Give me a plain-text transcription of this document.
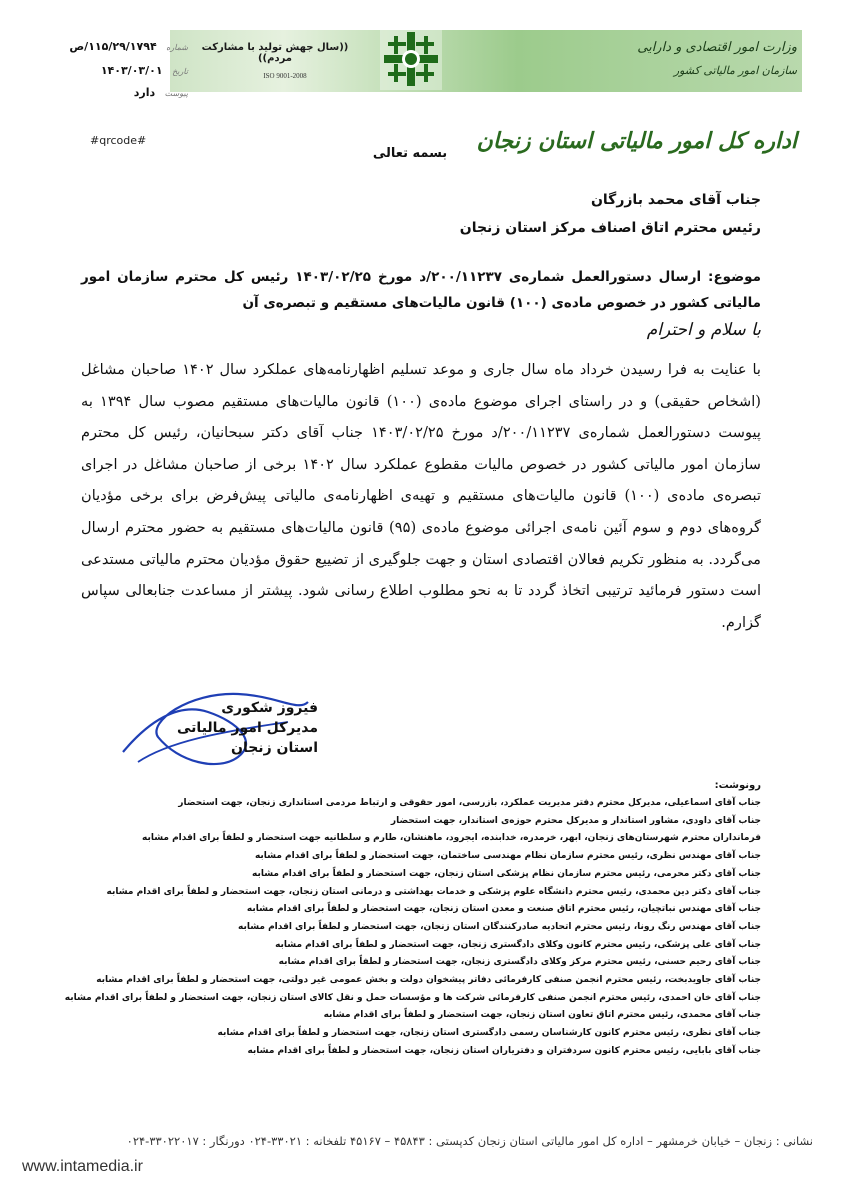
((سال جهش تولید با مشارکت مردم))
ISO 9001-2008
وزارت امور اقتصادی و دارایی
سازمان امور مالیاتی کشور
شماره ۱۱۵/۲۹/۱۷۹۴/ص
تاریخ ۱۴۰۳/۰۳/۰۱
پیوست دارد
#qrcode#	اداره کل امور مالیاتی استان زنجان
بسمه تعالی
جناب آقای محمد بازرگان
رئیس محترم اتاق اصناف مرکز استان زنجان
موضوع: ارسال دستورالعمل شماره‌ی ۲۰۰/۱۱۲۳۷/د مورخ ۱۴۰۳/۰۲/۲۵ رئیس کل محترم سازمان امور مالیاتی کشور در خصوص ماده‌ی (۱۰۰) قانون مالیات‌های مستقیم و تبصره‌ی آن
با سلام و احترام
با عنایت به فرا رسیدن خرداد ماه سال جاری و موعد تسلیم اظهارنامه‌های عملکرد سال ۱۴۰۲ صاحبان مشاغل (اشخاص حقیقی) و در راستای اجرای موضوع ماده‌ی (۱۰۰) قانون مالیات‌های مستقیم مصوب سال ۱۳۹۴ به پیوست دستورالعمل شماره‌ی ۲۰۰/۱۱۲۳۷/د مورخ ۱۴۰۳/۰۲/۲۵ جناب آقای دکتر سبحانیان، رئیس کل محترم سازمان امور مالیاتی کشور در خصوص مالیات مقطوع عملکرد سال ۱۴۰۲ برخی از صاحبان مشاغل در اجرای تبصره‌ی ماده‌ی (۱۰۰) قانون مالیات‌های مستقیم و تهیه‌ی اظهارنامه‌ی مالیاتی پیش‌فرض برای برخی مؤدیان گروه‌های دوم و سوم آئین نامه‌ی اجرائی موضوع ماده‌ی (۹۵) قانون مالیات‌های مستقیم به حضور محترم ارسال می‌گردد. به منظور تکریم فعالان اقتصادی استان و جهت جلوگیری از تضییع حقوق مؤدیان محترم مالیاتی مستدعی است دستور فرمائید ترتیبی اتخاذ گردد تا به نحو مطلوب اطلاع رسانی شود. پیشتر از مساعدت جنابعالی سپاس گزارم.
فیروز شکوری
مدیرکل امور مالیاتی
استان زنجان
رونوشت:
جناب آقای اسماعیلی، مدیرکل محترم دفتر مدیریت عملکرد، بازرسی، امور حقوقی و ارتباط مردمی استانداری زنجان، جهت استحضار
جناب آقای داودی، مشاور استاندار و مدیرکل محترم حوزه‌ی استاندار، جهت استحضار
فرمانداران محترم شهرستان‌های زنجان، ابهر، خرمدره، خدابنده، ایجرود، ماهنشان، طارم و سلطانیه جهت استحضار و لطفاً برای اقدام مشابه
جناب آقای مهندس نظری، رئیس محترم سازمان نظام مهندسی ساختمان، جهت استحضار و لطفاً برای اقدام مشابه
جناب آقای دکتر محرمی، رئیس محترم سازمان نظام پزشکی استان زنجان، جهت استحضار و لطفاً برای اقدام مشابه
جناب آقای دکتر دین محمدی، رئیس محترم دانشگاه علوم پزشکی و خدمات بهداشتی و درمانی استان زنجان، جهت استحضار و لطفاً برای اقدام مشابه
جناب آقای مهندس نباتچیان، رئیس محترم اتاق صنعت و معدن استان زنجان، جهت استحضار و لطفاً برای اقدام مشابه
جناب آقای مهندس رنگ رونا، رئیس محترم اتحادیه صادرکنندگان استان زنجان، جهت استحضار و لطفاً برای اقدام مشابه
جناب آقای علی پزشکی، رئیس محترم کانون وکلای دادگستری زنجان، جهت استحضار و لطفاً برای اقدام مشابه
جناب آقای رحیم حسنی، رئیس محترم مرکز وکلای دادگستری زنجان، جهت استحضار و لطفاً برای اقدام مشابه
جناب آقای جاویدبخت، رئیس محترم انجمن صنفی کارفرمائی دفاتر پیشخوان دولت و بخش عمومی غیر دولتی، جهت استحضار و لطفاً برای اقدام مشابه
جناب آقای خان احمدی، رئیس محترم انجمن صنفی کارفرمائی شرکت ها و مؤسسات حمل و نقل کالای استان زنجان، جهت استحضار و لطفاً برای اقدام مشابه
جناب آقای محمدی، رئیس محترم اتاق تعاون استان زنجان، جهت استحضار و لطفاً برای اقدام مشابه
جناب آقای نظری، رئیس محترم کانون کارشناسان رسمی دادگستری استان زنجان، جهت استحضار و لطفاً برای اقدام مشابه
جناب آقای بابایی، رئیس محترم کانون سردفتران و دفتریاران استان زنجان، جهت استحضار و لطفاً برای اقدام مشابه
نشانی : زنجان – خیابان خرمشهر – اداره کل امور مالیاتی استان زنجان کدپستی : ۴۵۸۴۳ – ۴۵۱۶۷ تلفخانه : ۳۳۰۲۱-۰۲۴ دورنگار : ۳۳۰۲۲۰۱۷-۰۲۴
www.intamedia.ir
